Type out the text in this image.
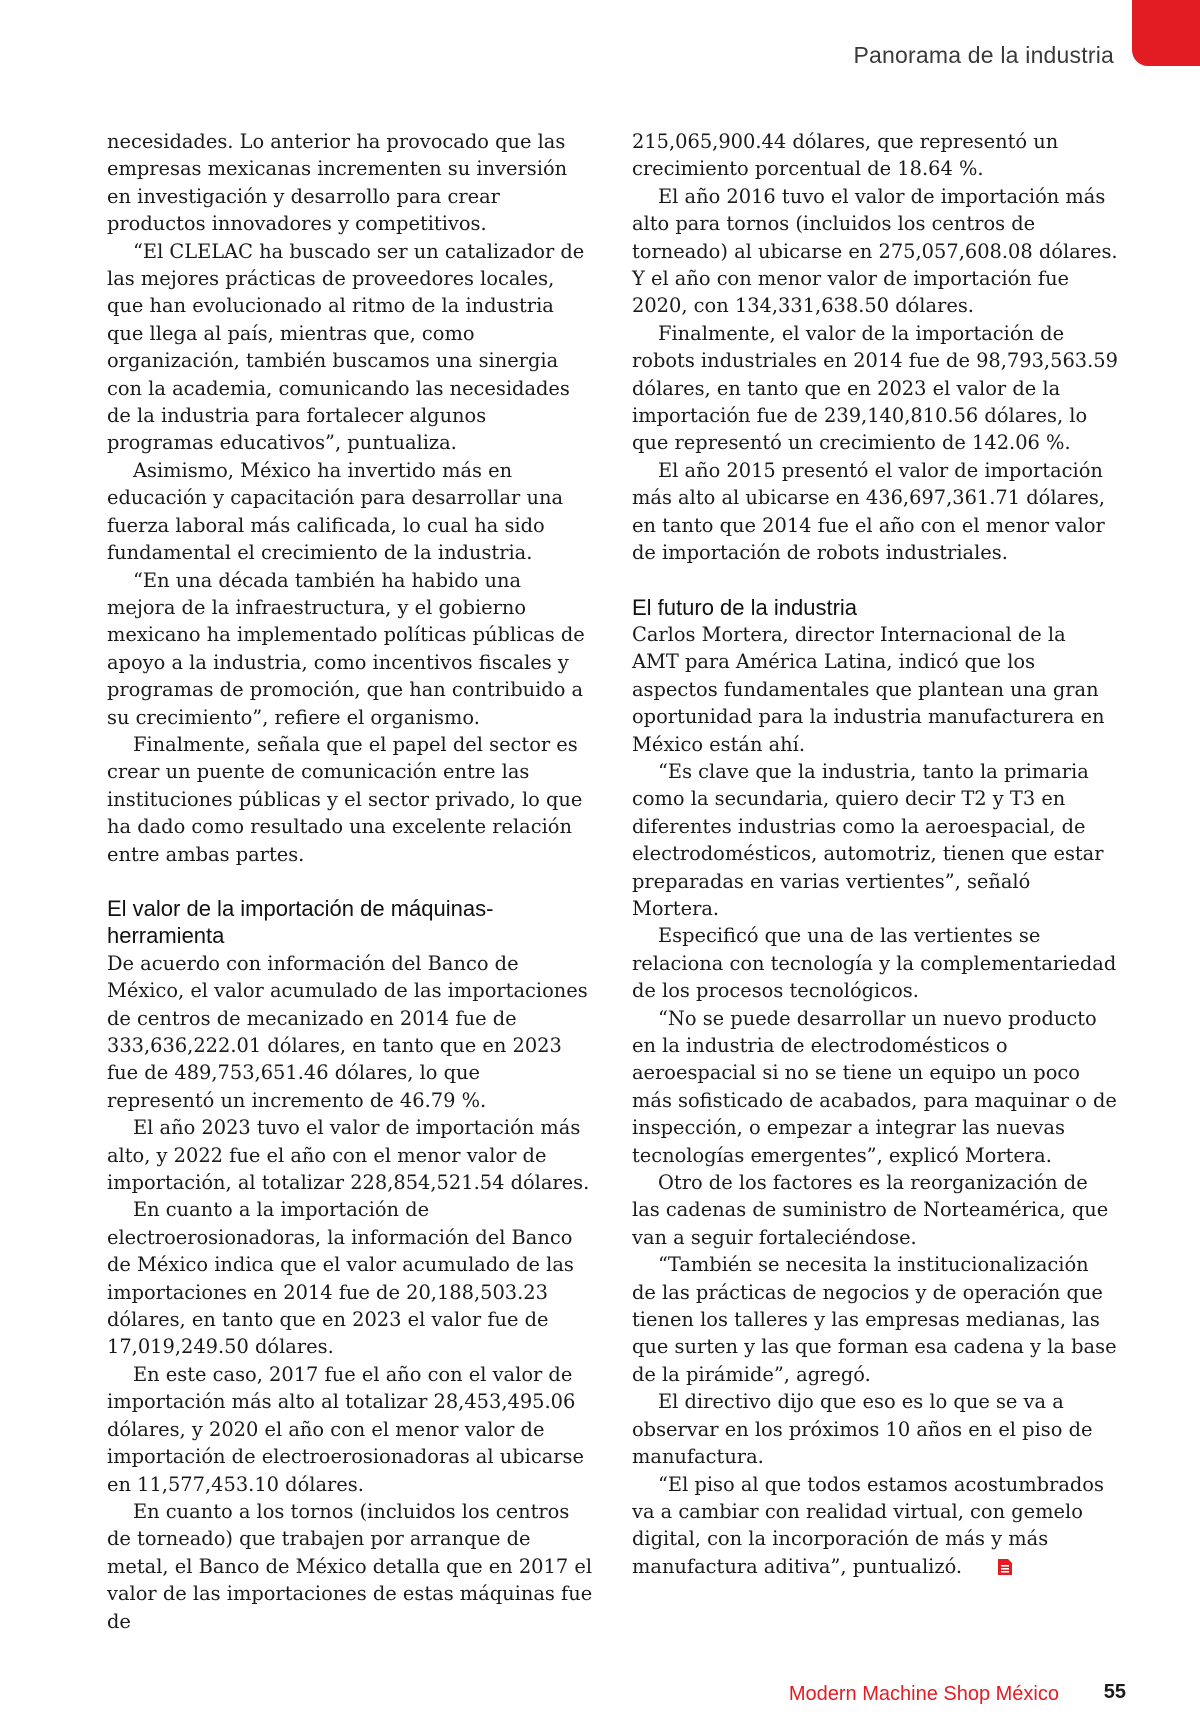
Panorama de la industria

necesidades. Lo anterior ha provocado que las empresas mexicanas incrementen su inversión en investigación y desarrollo para crear productos innovadores y competitivos.

“El CLELAC ha buscado ser un catalizador de las mejores prácticas de proveedores locales, que han evolucionado al ritmo de la industria que llega al país, mientras que, como organización, también buscamos una sinergia con la academia, comunicando las necesidades de la industria para fortalecer algunos programas educativos”, puntualiza.

Asimismo, México ha invertido más en educación y capacitación para desarrollar una fuerza laboral más calificada, lo cual ha sido fundamental el crecimiento de la industria.

“En una década también ha habido una mejora de la infraestructura, y el gobierno mexicano ha implementado políticas públicas de apoyo a la industria, como incentivos fiscales y programas de promoción, que han contribuido a su crecimiento”, refiere el organismo.

Finalmente, señala que el papel del sector es crear un puente de comunicación entre las instituciones públicas y el sector privado, lo que ha dado como resultado una excelente relación entre ambas partes.

El valor de la importación de máquinas-herramienta

De acuerdo con información del Banco de México, el valor acumulado de las importaciones de centros de mecanizado en 2014 fue de 333,636,222.01 dólares, en tanto que en 2023 fue de 489,753,651.46 dólares, lo que representó un incremento de 46.79 %.

El año 2023 tuvo el valor de importación más alto, y 2022 fue el año con el menor valor de importación, al totalizar 228,854,521.54 dólares.

En cuanto a la importación de electroerosionadoras, la información del Banco de México indica que el valor acumulado de las importaciones en 2014 fue de 20,188,503.23 dólares, en tanto que en 2023 el valor fue de 17,019,249.50 dólares.

En este caso, 2017 fue el año con el valor de importación más alto al totalizar 28,453,495.06 dólares, y 2020 el año con el menor valor de importación de electroerosionadoras al ubicarse en 11,577,453.10 dólares.

En cuanto a los tornos (incluidos los centros de torneado) que trabajen por arranque de metal, el Banco de México detalla que en 2017 el valor de las importaciones de estas máquinas fue de

215,065,900.44 dólares, que representó un crecimiento porcentual de 18.64 %.

El año 2016 tuvo el valor de importación más alto para tornos (incluidos los centros de torneado) al ubicarse en 275,057,608.08 dólares. Y el año con menor valor de importación fue 2020, con 134,331,638.50 dólares.

Finalmente, el valor de la importación de robots industriales en 2014 fue de 98,793,563.59 dólares, en tanto que en 2023 el valor de la importación fue de 239,140,810.56 dólares, lo que representó un crecimiento de 142.06 %.

El año 2015 presentó el valor de importación más alto al ubicarse en 436,697,361.71 dólares, en tanto que 2014 fue el año con el menor valor de importación de robots industriales.

El futuro de la industria

Carlos Mortera, director Internacional de la AMT para América Latina, indicó que los aspectos fundamentales que plantean una gran oportunidad para la industria manufacturera en México están ahí.

“Es clave que la industria, tanto la primaria como la secundaria, quiero decir T2 y T3 en diferentes industrias como la aeroespacial, de electrodomésticos, automotriz, tienen que estar preparadas en varias vertientes”, señaló Mortera.

Especificó que una de las vertientes se relaciona con tecnología y la complementariedad de los procesos tecnológicos.

“No se puede desarrollar un nuevo producto en la industria de electrodomésticos o aeroespacial si no se tiene un equipo un poco más sofisticado de acabados, para maquinar o de inspección, o empezar a integrar las nuevas tecnologías emergentes”, explicó Mortera.

Otro de los factores es la reorganización de las cadenas de suministro de Norteamérica, que van a seguir fortaleciéndose.

“También se necesita la institucionalización de las prácticas de negocios y de operación que tienen los talleres y las empresas medianas, las que surten y las que forman esa cadena y la base de la pirámide”, agregó.

El directivo dijo que eso es lo que se va a observar en los próximos 10 años en el piso de manufactura.

“El piso al que todos estamos acostumbrados va a cambiar con realidad virtual, con gemelo digital, con la incorporación de más y más manufactura aditiva”, puntualizó.

Modern Machine Shop México 55
